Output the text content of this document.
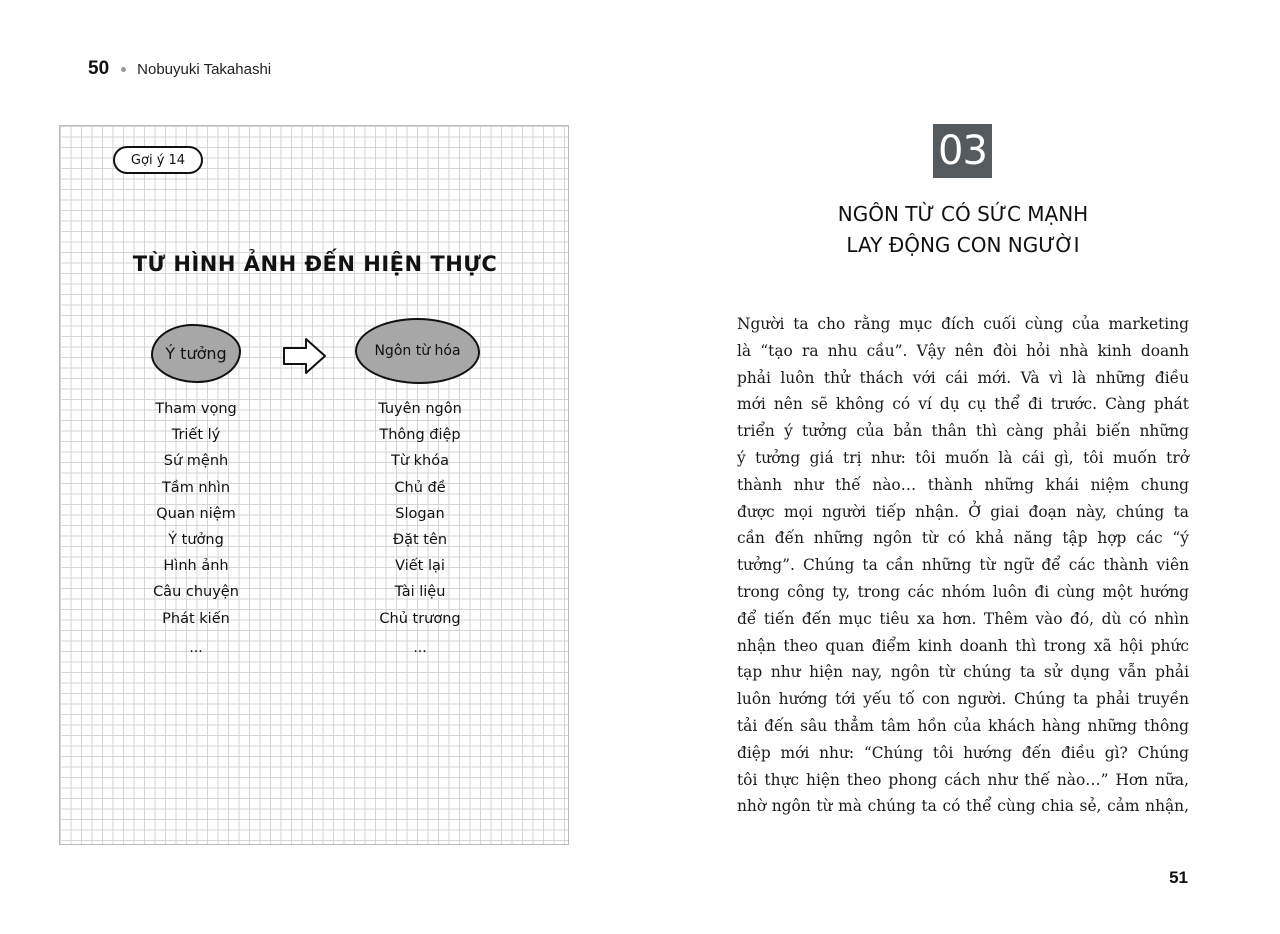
50 Nobuyuki Takahashi
Gợi ý 14
TỪ HÌNH ẢNH ĐẾN HIỆN THỰC
Ý tưởng	Ngôn từ hóa
Tham vọng
Triết lý
Sứ mệnh
Tầm nhìn
Quan niệm
Ý tưởng
Hình ảnh
Câu chuyện
Phát kiến
...
Tuyên ngôn
Thông điệp
Từ khóa
Chủ đề
Slogan
Đặt tên
Viết lại
Tài liệu
Chủ trương
...
03
NGÔN TỪ CÓ SỨC MẠNH
LAY ĐỘNG CON NGƯỜI
Người ta cho rằng mục đích cuối cùng của marketing
là “tạo ra nhu cầu”. Vậy nên đòi hỏi nhà kinh doanh
phải luôn thử thách với cái mới. Và vì là những điều
mới nên sẽ không có ví dụ cụ thể đi trước. Càng phát
triển ý tưởng của bản thân thì càng phải biến những
ý tưởng giá trị như: tôi muốn là cái gì, tôi muốn trở
thành như thế nào… thành những khái niệm chung
được mọi người tiếp nhận. Ở giai đoạn này, chúng ta
cần đến những ngôn từ có khả năng tập hợp các “ý
tưởng”. Chúng ta cần những từ ngữ để các thành viên
trong công ty, trong các nhóm luôn đi cùng một hướng
để tiến đến mục tiêu xa hơn. Thêm vào đó, dù có nhìn
nhận theo quan điểm kinh doanh thì trong xã hội phức
tạp như hiện nay, ngôn từ chúng ta sử dụng vẫn phải
luôn hướng tới yếu tố con người. Chúng ta phải truyền
tải đến sâu thẳm tâm hồn của khách hàng những thông
điệp mới như: “Chúng tôi hướng đến điều gì? Chúng
tôi thực hiện theo phong cách như thế nào…” Hơn nữa,
nhờ ngôn từ mà chúng ta có thể cùng chia sẻ, cảm nhận,
51
